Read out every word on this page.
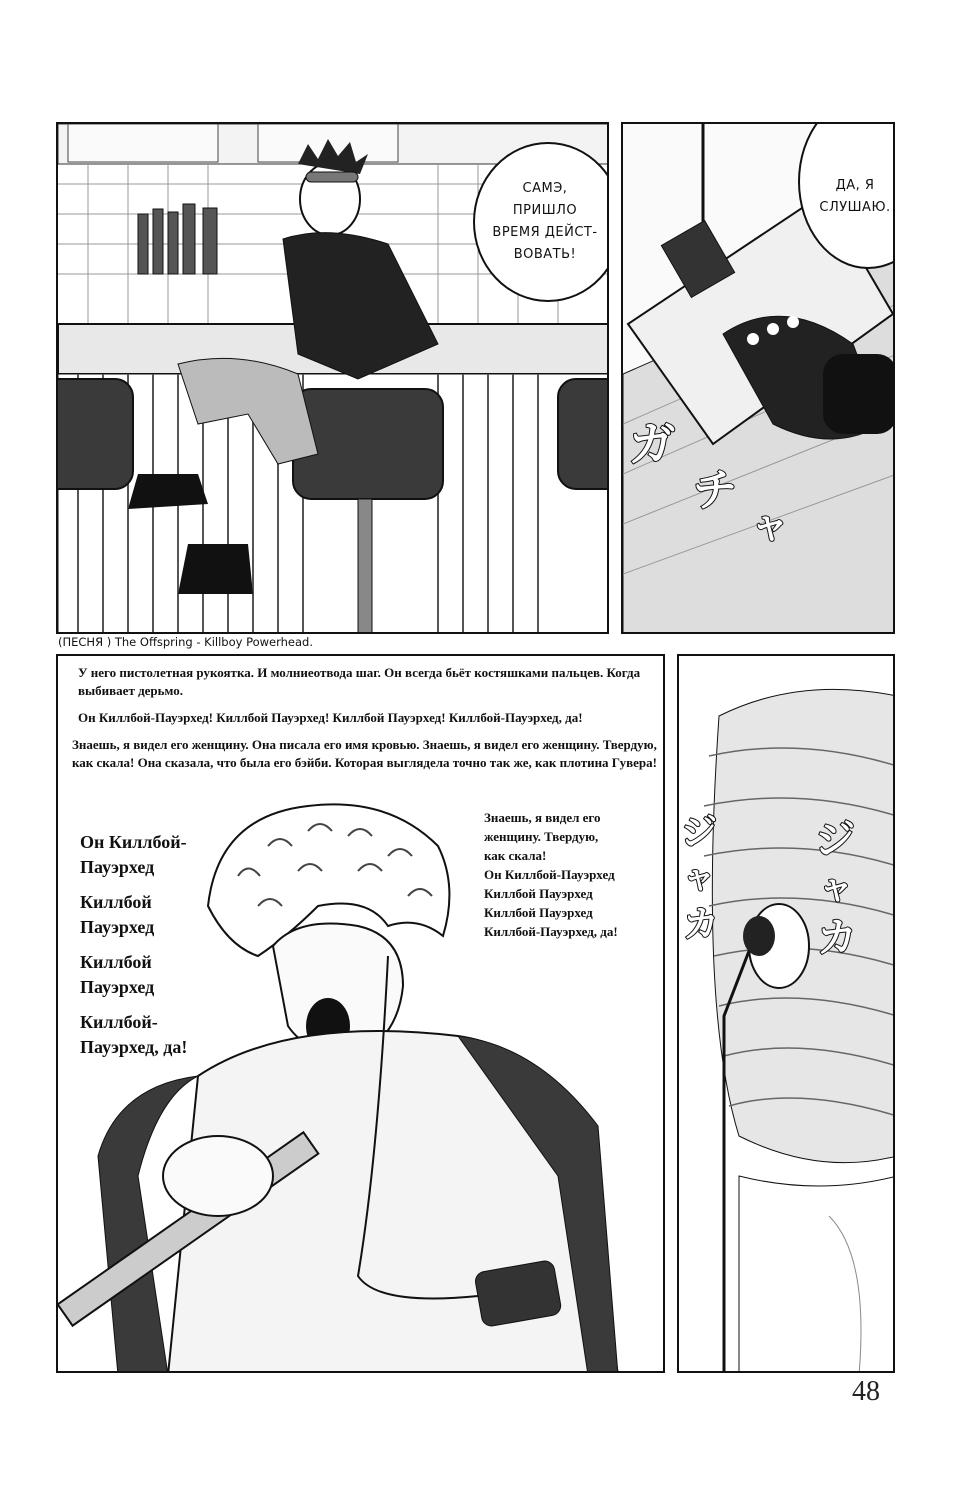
САМЭ, ПРИШЛО ВРЕМЯ ДЕЙСТ-ВОВАТЬ!
ДА, Я СЛУШАЮ.
ガ
チ
ャ
(ПЕСНЯ ) The Offspring - Killboy Powerhead.

У него пистолетная рукоятка. И молниеотвода шаг. Он всегда бьёт костяшками пальцев. Когда выбивает дерьмо.

Он Киллбой-Пауэрхед! Киллбой Пауэрхед! Киллбой Пауэрхед! Киллбой-Пауэрхед, да!

Знаешь, я видел его женщину. Она писала его имя кровью. Знаешь, я видел его женщину. Твердую, как скала! Она сказала, что была его бэйби. Которая выглядела точно так же, как плотина Гувера!

Он Киллбой-Пауэрхед

Киллбой Пауэрхед

Киллбой Пауэрхед

Киллбой-Пауэрхед, да!

Знаешь, я видел его
женщину. Твердую,
как скала!
Он Киллбой-Пауэрхед
Киллбой Пауэрхед
Киллбой Пауэрхед
Киллбой-Пауэрхед, да!
ジ
ャ
カ
ジ
ャ
カ
48
